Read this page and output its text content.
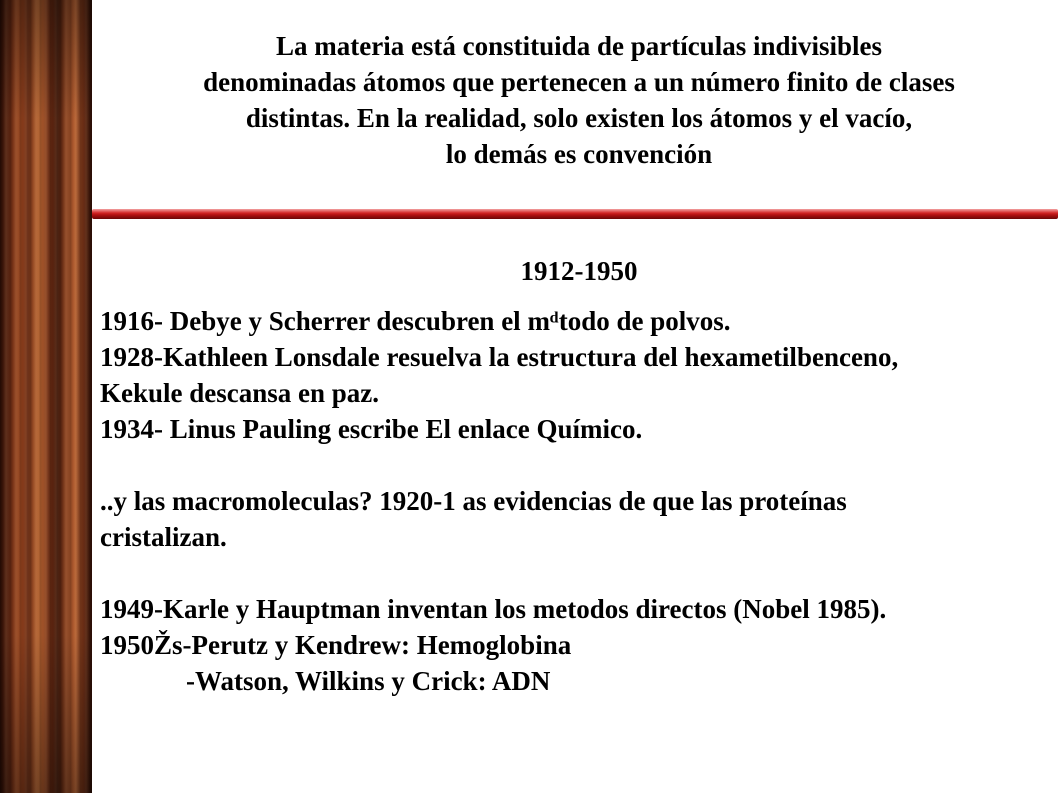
La materia está constituida de partículas indivisibles
denominadas átomos que pertenecen a un número finito de clases
distintas. En la realidad, solo existen los átomos y el vacío,
lo demás es convención
1912-1950
1916- Debye y Scherrer descubren el mᵈtodo de polvos.
1928-Kathleen Lonsdale resuelva la estructura del hexametilbenceno,
Kekule descansa en paz.
1934- Linus Pauling escribe El enlace Químico.
..y las macromoleculas? 1920-1 as evidencias de que las proteínas
cristalizan.
1949-Karle y Hauptman inventan los metodos directos (Nobel 1985).
1950Žs-Perutz y Kendrew: Hemoglobina
-Watson, Wilkins y Crick: ADN
